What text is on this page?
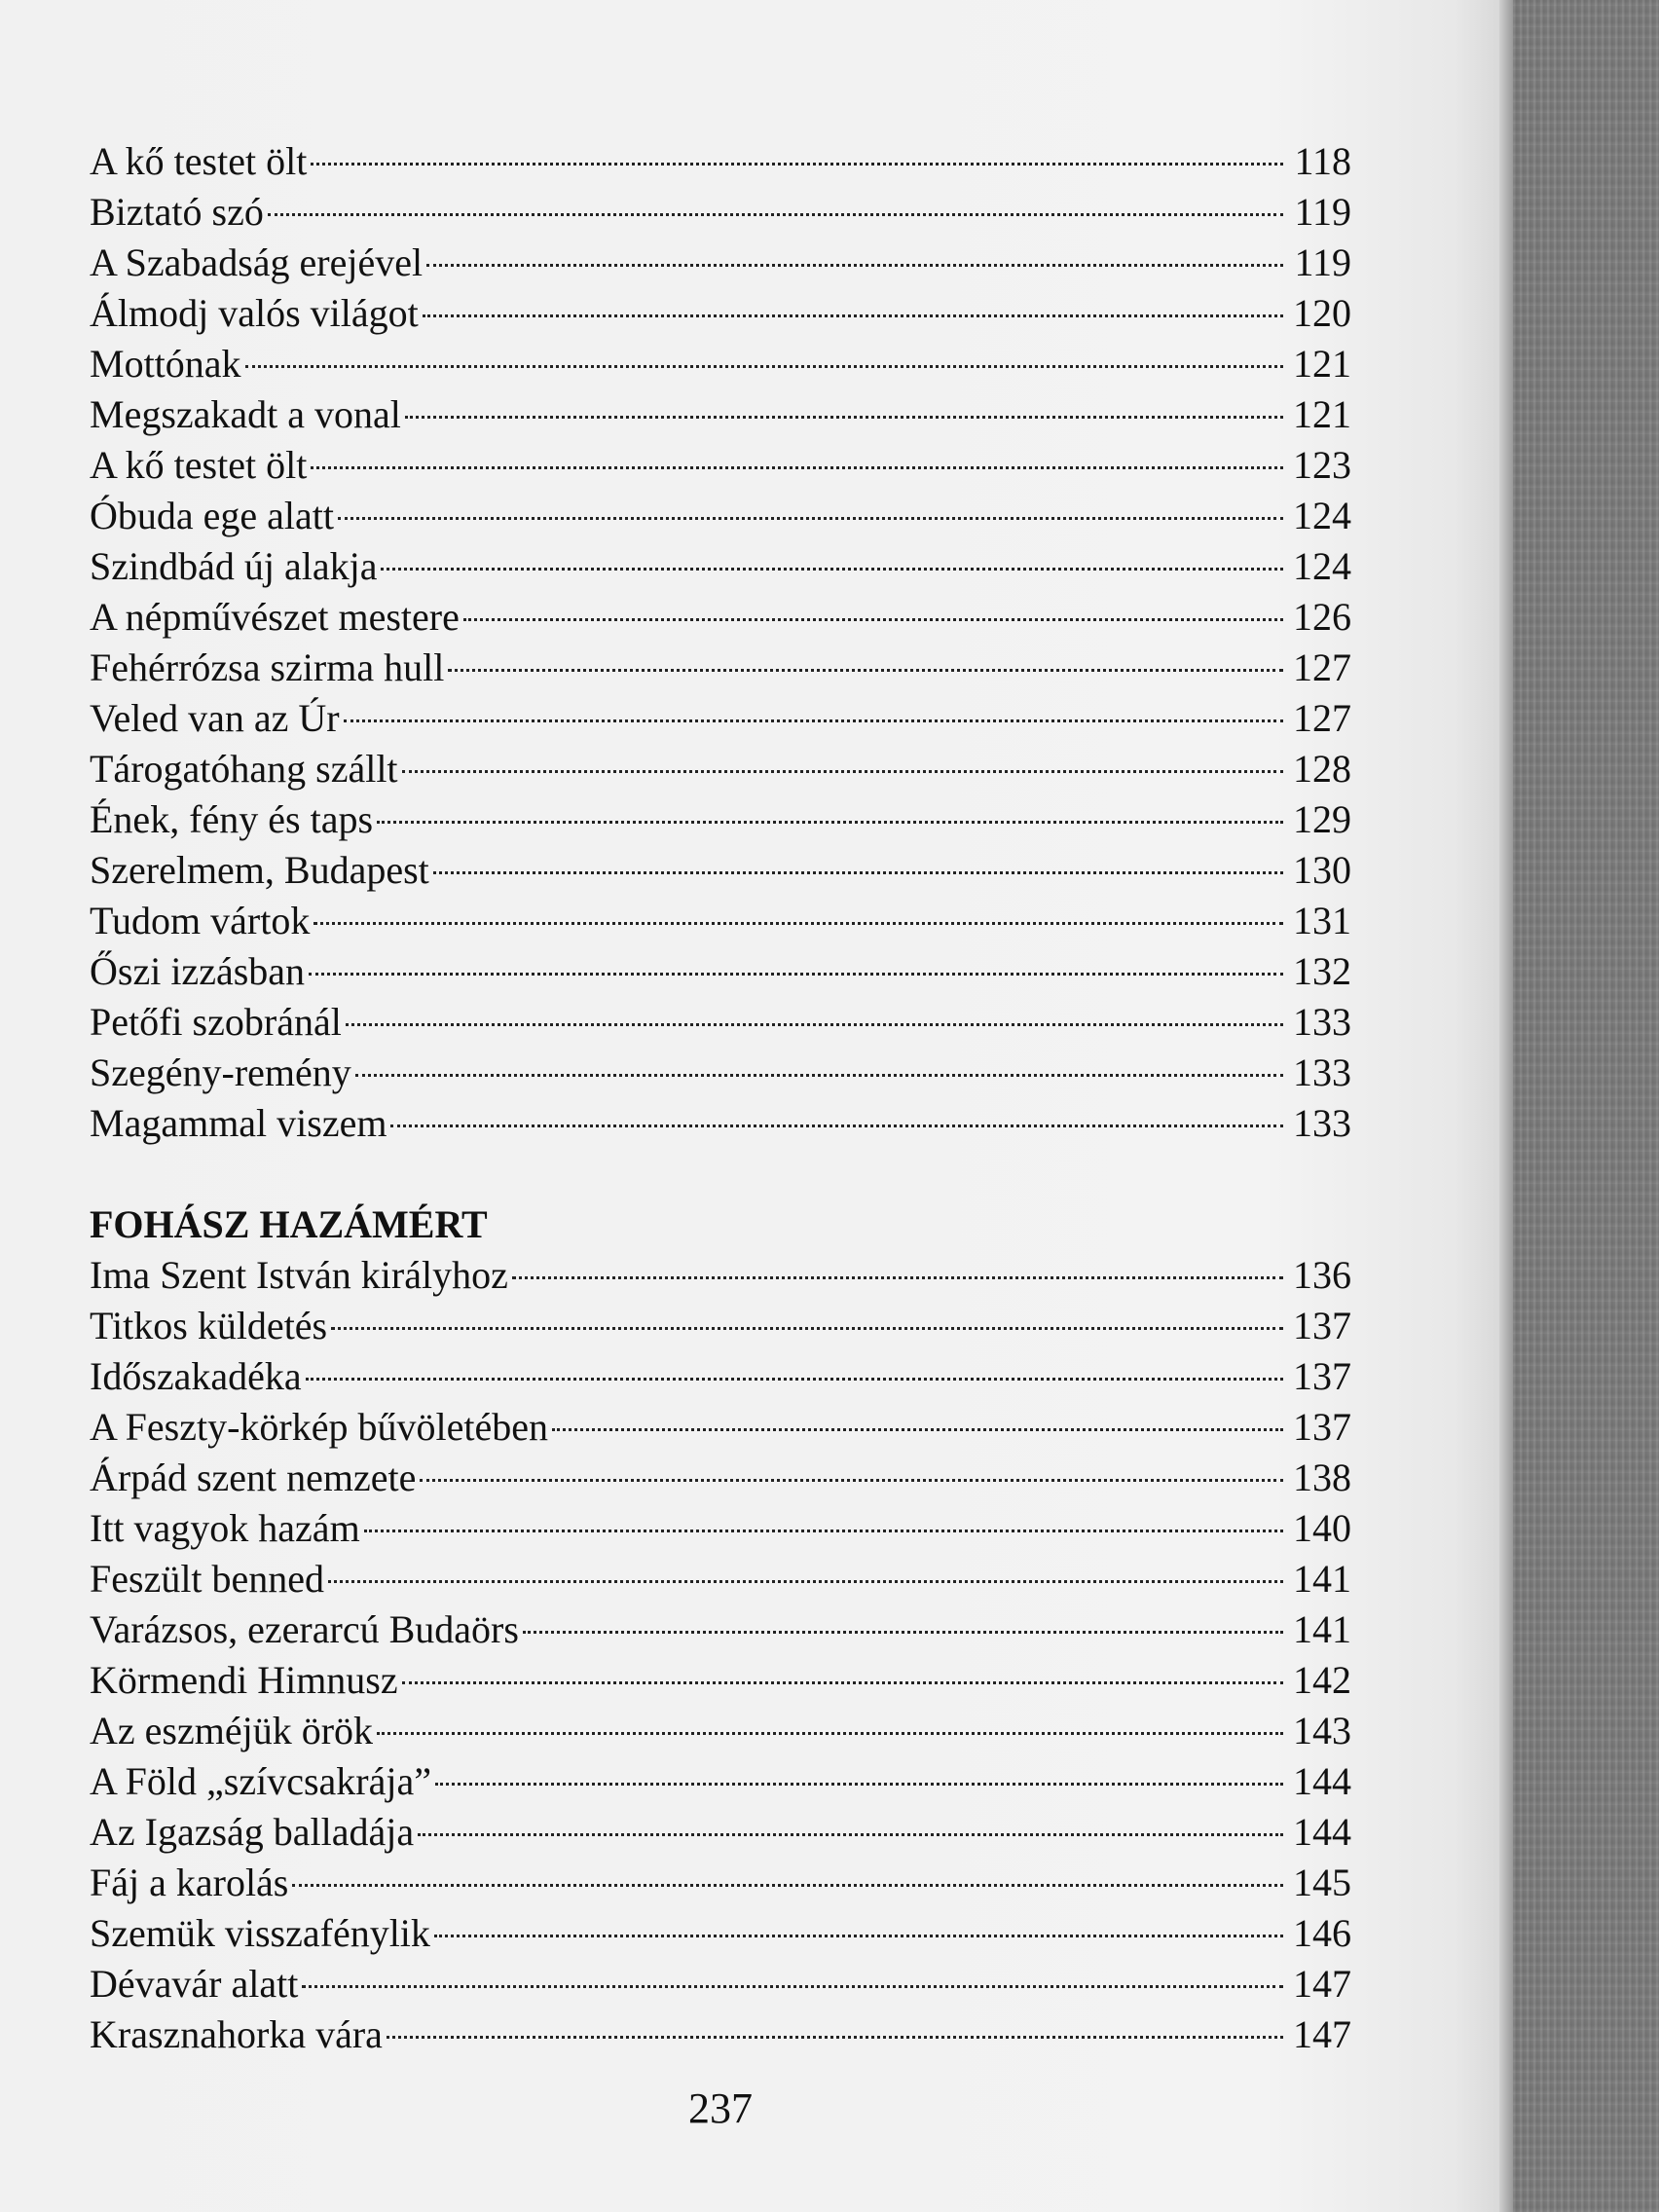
A kő testet ölt	118
Biztató szó	119
A Szabadság erejével	119
Álmodj valós világot	120
Mottónak	121
Megszakadt a vonal	121
A kő testet ölt	123
Óbuda ege alatt	124
Szindbád új alakja	124
A népművészet mestere	126
Fehérrózsa szirma hull	127
Veled van az Úr	127
Tárogatóhang szállt	128
Ének, fény és taps	129
Szerelmem, Budapest	130
Tudom vártok	131
Őszi izzásban	132
Petőfi szobránál	133
Szegény-remény	133
Magammal viszem	133
FOHÁSZ HAZÁMÉRT
Ima Szent István királyhoz	136
Titkos küldetés	137
Időszakadéka	137
A Feszty-körkép bűvöletében	137
Árpád szent nemzete	138
Itt vagyok hazám	140
Feszült benned	141
Varázsos, ezerarcú Budaörs	141
Körmendi Himnusz	142
Az eszméjük örök	143
A Föld „szívcsakrája”	144
Az Igazság balladája	144
Fáj a karolás	145
Szemük visszafénylik	146
Dévavár alatt	147
Krasznahorka vára	147
237
